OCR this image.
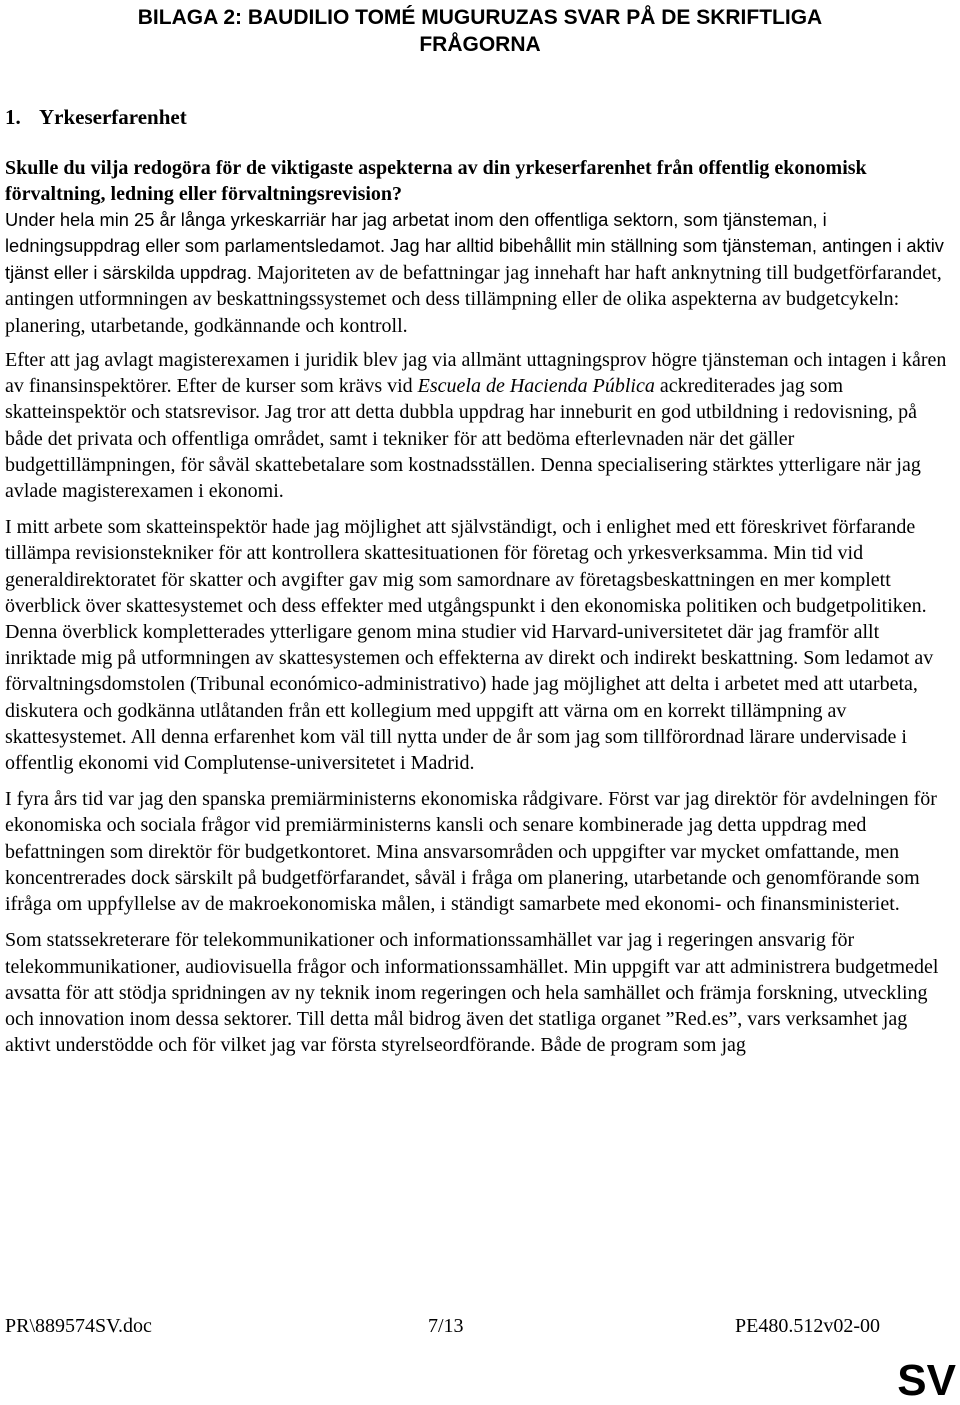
BILAGA 2: BAUDILIO TOMÉ MUGURUZAS SVAR PÅ DE SKRIFTLIGA
FRÅGORNA

1. Yrkeserfarenhet

Skulle du vilja redogöra för de viktigaste aspekterna av din yrkeserfarenhet från offentlig ekonomisk förvaltning, ledning eller förvaltningsrevision?

Under hela min 25 år långa yrkeskarriär har jag arbetat inom den offentliga sektorn, som tjänsteman, i ledningsuppdrag eller som parlamentsledamot. Jag har alltid bibehållit min ställning som tjänsteman, antingen i aktiv tjänst eller i särskilda uppdrag. Majoriteten av de befattningar jag innehaft har haft anknytning till budgetförfarandet, antingen utformningen av beskattningssystemet och dess tillämpning eller de olika aspekterna av budgetcykeln: planering, utarbetande, godkännande och kontroll.

Efter att jag avlagt magisterexamen i juridik blev jag via allmänt uttagningsprov högre tjänsteman och intagen i kåren av finansinspektörer. Efter de kurser som krävs vid Escuela de Hacienda Pública ackrediterades jag som skatteinspektör och statsrevisor. Jag tror att detta dubbla uppdrag har inneburit en god utbildning i redovisning, på både det privata och offentliga området, samt i tekniker för att bedöma efterlevnaden när det gäller budgettillämpningen, för såväl skattebetalare som kostnadsställen. Denna specialisering stärktes ytterligare när jag avlade magisterexamen i ekonomi.

I mitt arbete som skatteinspektör hade jag möjlighet att självständigt, och i enlighet med ett föreskrivet förfarande tillämpa revisionstekniker för att kontrollera skattesituationen för företag och yrkesverksamma. Min tid vid generaldirektoratet för skatter och avgifter gav mig som samordnare av företagsbeskattningen en mer komplett överblick över skattesystemet och dess effekter med utgångspunkt i den ekonomiska politiken och budgetpolitiken. Denna överblick kompletterades ytterligare genom mina studier vid Harvard-universitetet där jag framför allt inriktade mig på utformningen av skattesystemen och effekterna av direkt och indirekt beskattning. Som ledamot av förvaltningsdomstolen (Tribunal económico-administrativo) hade jag möjlighet att delta i arbetet med att utarbeta, diskutera och godkänna utlåtanden från ett kollegium med uppgift att värna om en korrekt tillämpning av skattesystemet. All denna erfarenhet kom väl till nytta under de år som jag som tillförordnad lärare undervisade i offentlig ekonomi vid Complutense-universitetet i Madrid.

I fyra års tid var jag den spanska premiärministerns ekonomiska rådgivare. Först var jag direktör för avdelningen för ekonomiska och sociala frågor vid premiärministerns kansli och senare kombinerade jag detta uppdrag med befattningen som direktör för budgetkontoret. Mina ansvarsområden och uppgifter var mycket omfattande, men koncentrerades dock särskilt på budgetförfarandet, såväl i fråga om planering, utarbetande och genomförande som ifråga om uppfyllelse av de makroekonomiska målen, i ständigt samarbete med ekonomi- och finansministeriet.

Som statssekreterare för telekommunikationer och informationssamhället var jag i regeringen ansvarig för telekommunikationer, audiovisuella frågor och informationssamhället. Min uppgift var att administrera budgetmedel avsatta för att stödja spridningen av ny teknik inom regeringen och hela samhället och främja forskning, utveckling och innovation inom dessa sektorer. Till detta mål bidrog även det statliga organet ”Red.es”, vars verksamhet jag aktivt understödde och för vilket jag var första styrelseordförande. Både de program som jag

PR\889574SV.doc	7/13	PE480.512v02-00
SV
